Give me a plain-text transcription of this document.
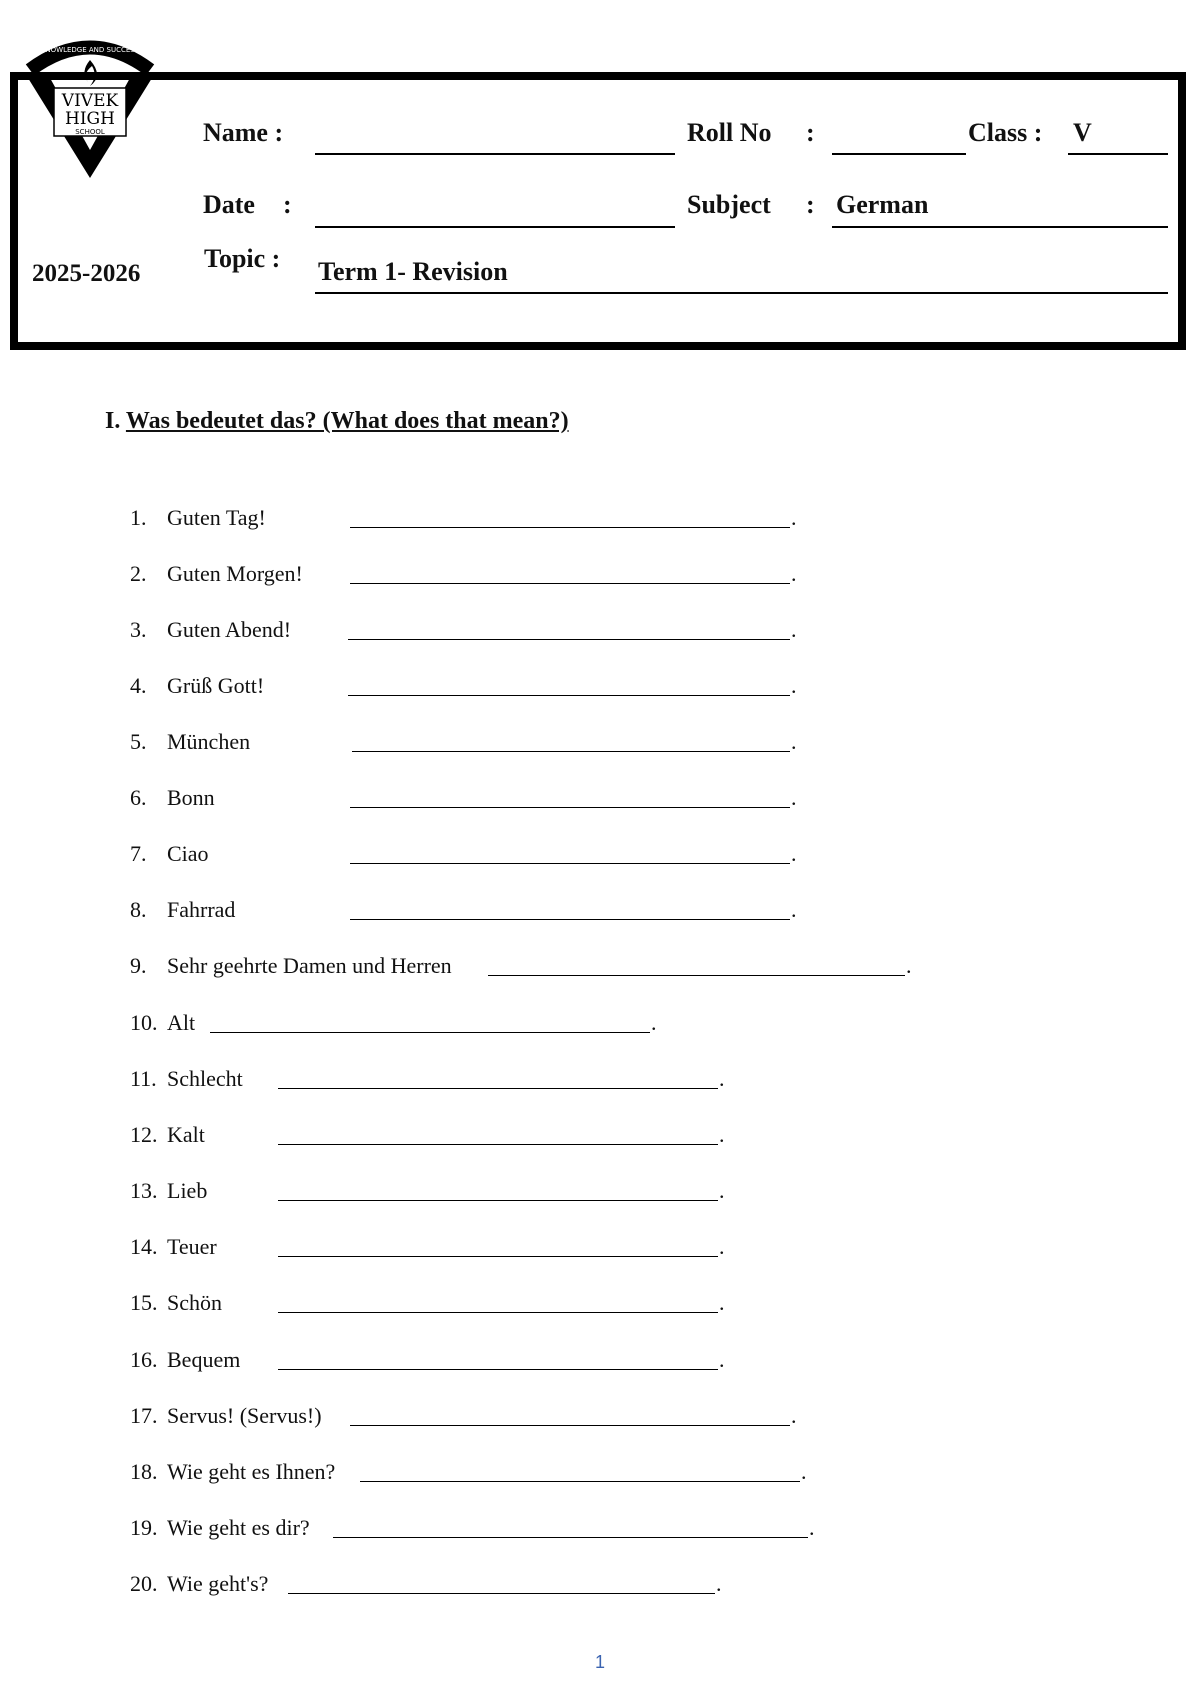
KNOWLEDGE AND SUCCESS
VIVEK
HIGH
SCHOOL
2025-2026
Name :	Roll No :	Class : V
Date :	Subject : German
Topic : Term 1- Revision
I. Was bedeutet das? (What does that mean?)
1. Guten Tag!	.
2. Guten Morgen!	.
3. Guten Abend!	.
4. Grüß Gott!	.
5. München	.
6. Bonn	.
7. Ciao	.
8. Fahrrad	.
9. Sehr geehrte Damen und Herren	.
10. Alt	.
11. Schlecht	.
12. Kalt	.
13. Lieb	.
14. Teuer	.
15. Schön	.
16. Bequem	.
17. Servus! (Servus!)	.
18. Wie geht es Ihnen?	.
19. Wie geht es dir?	.
20. Wie geht's?	.
1
